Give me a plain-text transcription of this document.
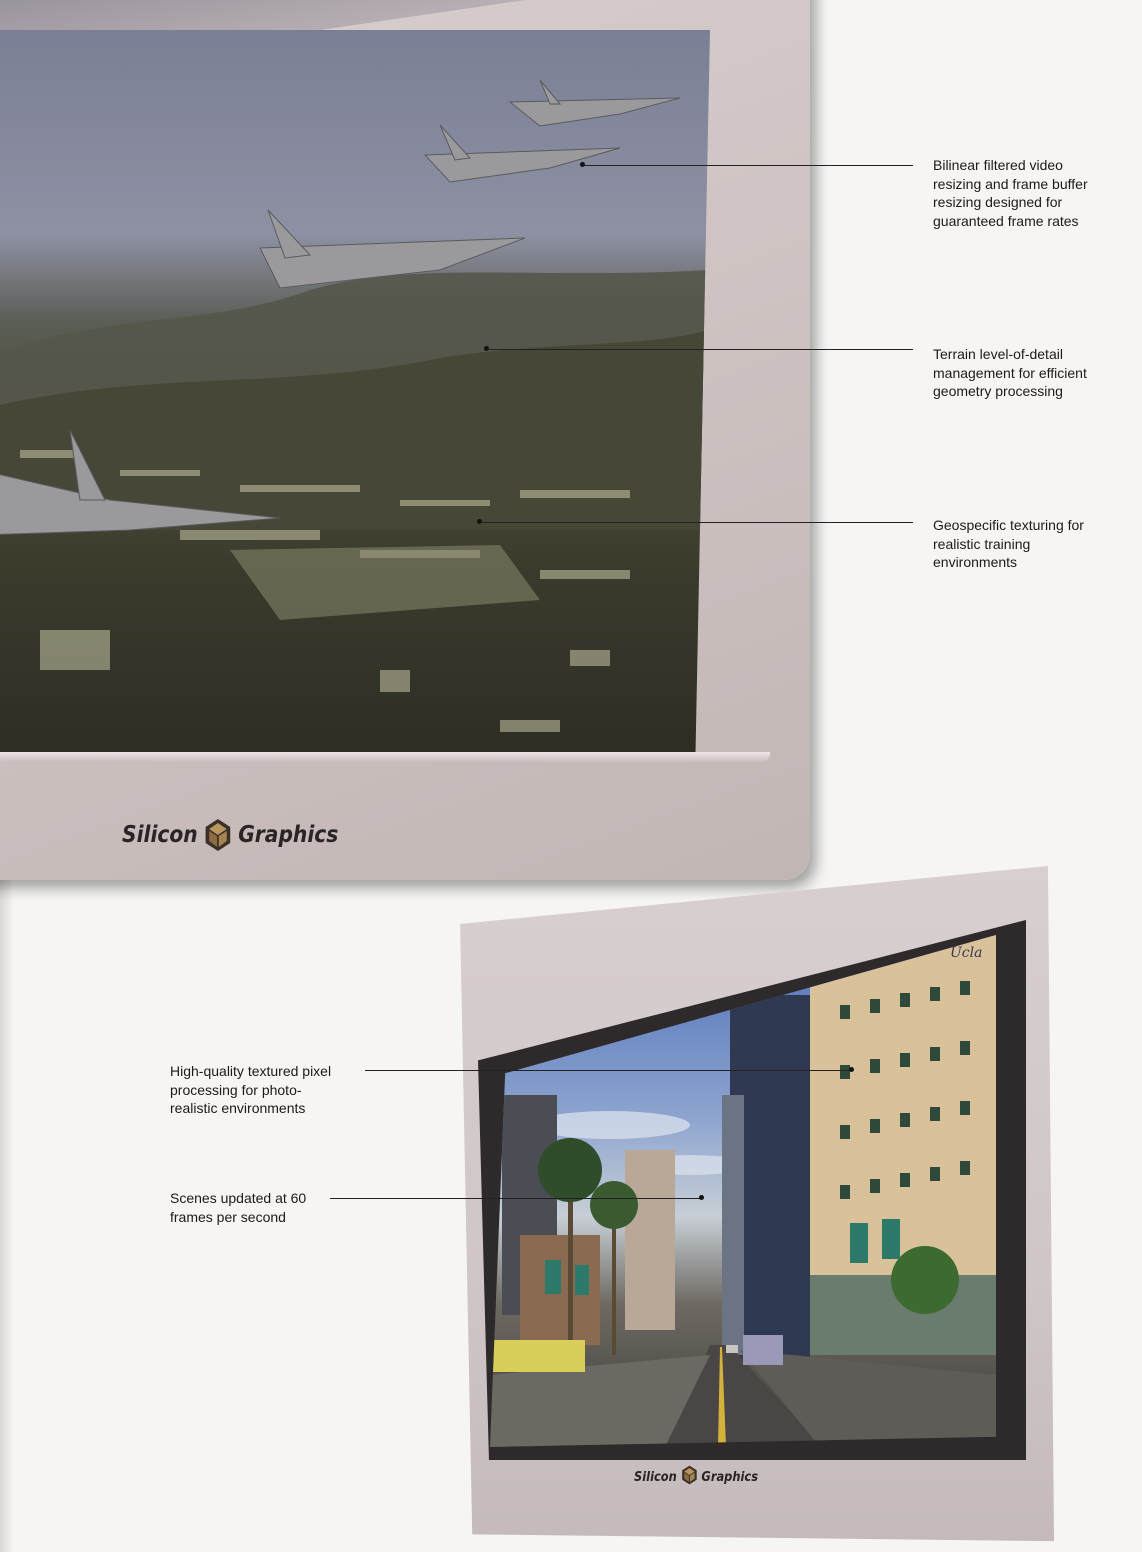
Silicon Graphics
Ucla
Silicon Graphics
Bilinear filtered video
resizing and frame buffer
resizing designed for
guaranteed frame rates
Terrain level-of-detail
management for efficient
geometry processing
Geospecific texturing for
realistic training
environments
High-quality textured pixel
processing for photo-
realistic environments
Scenes updated at 60
frames per second
